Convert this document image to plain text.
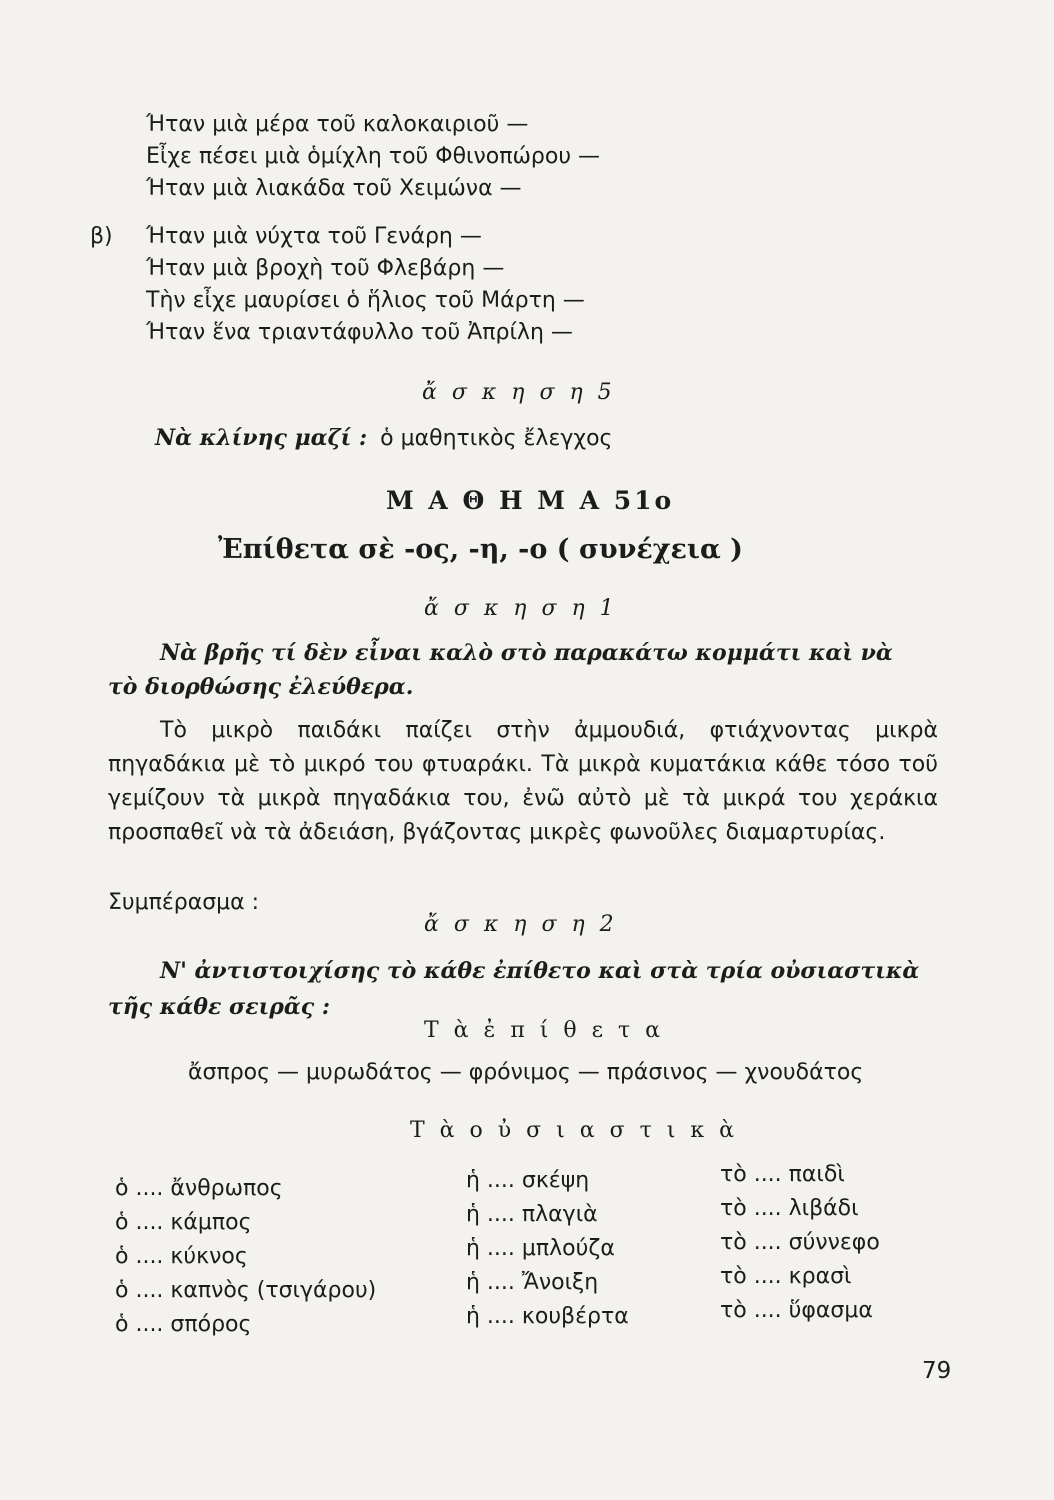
Ήταν μιὰ μέρα τοῦ καλοκαιριοῦ —
Εἶχε πέσει μιὰ ὁμίχλη τοῦ Φθινοπώρου —
Ήταν μιὰ λιακάδα τοῦ Χειμώνα —
β) Ήταν μιὰ νύχτα τοῦ Γενάρη —
Ήταν μιὰ βροχὴ τοῦ Φλεβάρη —
Τὴν εἶχε μαυρίσει ὁ ἥλιος τοῦ Μάρτη —
Ήταν ἕνα τριαντάφυλλο τοῦ Ἀπρίλη —
ἄ σ κ η σ η 5
Νὰ κλίνης μαζί : ὁ μαθητικὸς ἔλεγχος
Μ Α Θ Η Μ Α 51ο
Ἐπίθετα σὲ -ος, -η, -ο ( συνέχεια )
ἄ σ κ η σ η 1
Νὰ βρῆς τί δὲν εἶναι καλὸ στὸ παρακάτω κομμάτι καὶ νὰ
τὸ διορθώσης ἐλεύθερα.
Τὸ μικρὸ παιδάκι παίζει στὴν ἀμμουδιά, φτιάχνοντας μικρὰ πηγαδάκια μὲ τὸ μικρό του φτυαράκι. Τὰ μικρὰ κυματάκια κάθε τόσο τοῦ γεμίζουν τὰ μικρὰ πηγαδάκια του, ἐνῶ αὐτὸ μὲ τὰ μικρά του χεράκια προσπαθεῖ νὰ τὰ ἀδειάση, βγάζοντας μικρὲς φωνοῦλες διαμαρτυρίας.
Συμπέρασμα :
ἄ σ κ η σ η 2
Ν' ἀντιστοιχίσης τὸ κάθε ἐπίθετο καὶ στὰ τρία οὐσιαστικὰ
τῆς κάθε σειρᾶς :
Τ ὰ ἐ π ί θ ε τ α
ἄσπρος — μυρωδάτος — φρόνιμος — πράσινος — χνουδάτος
Τ ὰ ο ὐ σ ι α σ τ ι κ ὰ
ὁ .... ἄνθρωπος
ὁ .... κάμπος
ὁ .... κύκνος
ὁ .... καπνὸς (τσιγάρου)
ὁ .... σπόρος
ἡ .... σκέψη
ἡ .... πλαγιὰ
ἡ .... μπλούζα
ἡ .... Ἄνοιξη
ἡ .... κουβέρτα
τὸ .... παιδὶ
τὸ .... λιβάδι
τὸ .... σύννεφο
τὸ .... κρασὶ
τὸ .... ὕφασμα
79
